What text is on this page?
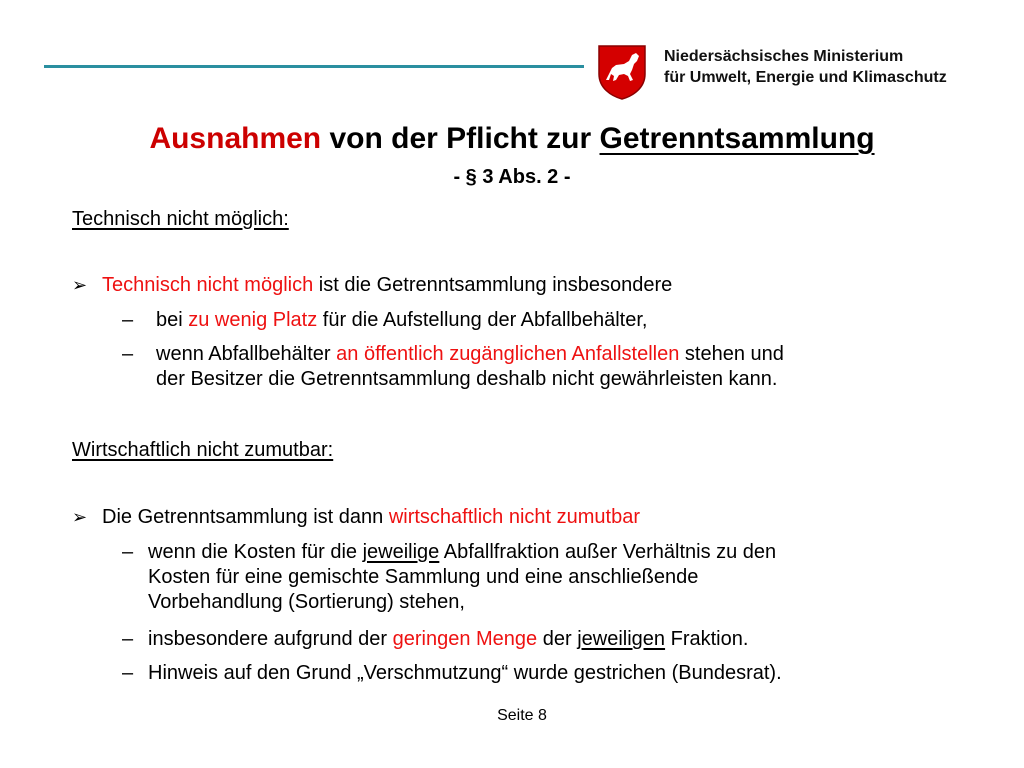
Niedersächsisches Ministerium
für Umwelt, Energie und Klimaschutz
Ausnahmen von der Pflicht zur Getrenntsammlung
- § 3 Abs. 2 -
Technisch nicht möglich:
➢ Technisch nicht möglich ist die Getrenntsammlung insbesondere
– bei zu wenig Platz für die Aufstellung der Abfallbehälter,
– wenn Abfallbehälter an öffentlich zugänglichen Anfallstellen stehen und
der Besitzer die Getrenntsammlung deshalb nicht gewährleisten kann.
Wirtschaftlich nicht zumutbar:
➢ Die Getrenntsammlung ist dann wirtschaftlich nicht zumutbar
– wenn die Kosten für die jeweilige Abfallfraktion außer Verhältnis zu den
Kosten für eine gemischte Sammlung und eine anschließende
Vorbehandlung (Sortierung) stehen,
– insbesondere aufgrund der geringen Menge der jeweiligen Fraktion.
– Hinweis auf den Grund „Verschmutzung“ wurde gestrichen (Bundesrat).
Seite 8
